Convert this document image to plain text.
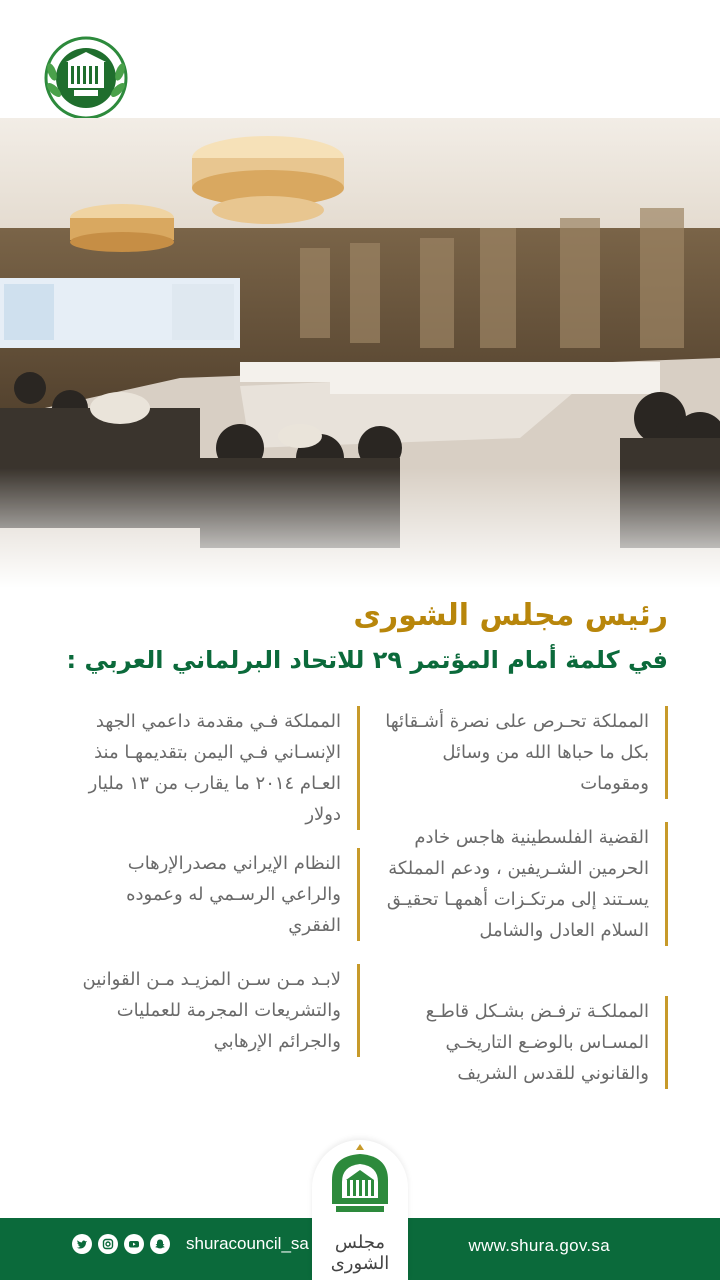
رئيس مجلس الشورى
في كلمة أمام المؤتمر ٢٩ للاتحاد البرلماني العربي :
المملكة تحـرص على نصرة أشـقائها بكل ما حباها الله من وسائل ومقومات
القضية الفلسطينية هاجس خادم الحرمين الشـريفين ، ودعم المملكة يسـتند إلى مرتكـزات أهمهـا تحقيـق السلام العادل والشامل
المملكـة ترفـض بشـكل قاطـع المسـاس بالوضـع التاريخـي والقانوني للقدس الشريف
المملكة فـي مقدمة داعمي الجهد الإنسـاني فـي اليمن بتقديمهـا منذ العـام ٢٠١٤ ما يقارب من ١٣ مليار دولار
النظام الإيراني مصدرالإرهاب والراعي الرسـمي له وعموده الفقري
لابـد مـن سـن المزيـد مـن القوانين والتشريعات المجرمة للعمليات والجرائم الإرهابي
shuracouncil_sa	www.shura.gov.sa
مجلس الشورى
